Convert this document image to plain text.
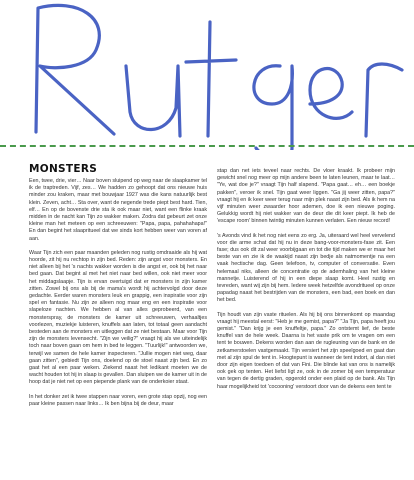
MONSTERS

Een, twee, drie, vier… Naar boven sluipend op weg naar de slaapkamer tel ik de traptreden. Vijf, zes… We hadden zo gehoopt dat ons nieuwe huis minder zou kraken, maar met bouwjaar 1927 was die kans natuurlijk best klein. Zeven, acht… Sta over, want de negende trede piept best hard. Tien, elf… En op de bovenste drie sta ik ook maar niet, want een flinke kraak midden in de nacht kan Tijn zo wakker maken. Zodra dat gebeurt zet onze kleine man het meteen op een schreeuwen: "Papa, papa, pahahahapa!" En dan begint het slaapritueel dat we sinds kort hebben weer van voren af aan.

Waar Tijn zich een paar maanden geleden nog rustig omdraaide als hij wat hoorde, zit hij nu rechtop in zijn bed. Reden: zijn angst voor monsters. En niet alleen bij het 's nachts wakker worden is die angst er, ook bij het naar bed gaan. Dat begint al met het niet naar bed willen, ook niet meer voor het middagslaapje. Tijn is ervan overtuigd dat er monsters in zijn kamer zitten. Zowel bij ons als bij de mama's wordt hij achtervolgd door deze gedachte. Eerder waren monsters leuk en grappig, een inspiratie voor zijn spel en fantasie. Nu zijn ze alleen nog maar eng en een inspiratie voor slapeloze nachten. We hebben al van alles geprobeerd, van een monsterspray, de monsters de kamer uit schreeuwen, verhaaltjes voorlezen, muziekje luisteren, knuffels aan laten, tot totaal geen aandacht besteden aan de monsters en uitleggen dat ze niet bestaan. Maar voor Tijn zijn de monsters levensecht. "Zijn we veilig?" vraagt hij als we uiteindelijk toch naar boven gaan om hem in bed te leggen. "Tuurlijk!" antwoorden we, terwijl we samen de hele kamer inspecteren. "Jullie mogen niet weg, daar gaan zitten", gebiedt Tijn ons, doelend op de stoel naast zijn bed. En zo gaat het al een paar weken. Ziekend naast het ledikant moeten we de wacht houden tot hij in slaap is gevallen. Dan sluipen we de kamer uit in de hoop dat je niet net op een piepende plank van de onderkoier staat.

In het donker zet ik twee stappen naar voren, een grote stap opzij, nog een paar kleine passen naar links… Ik ben bijna bij de deur, maar

stap dan net iets teveel naar rechts. De vloer kraakt. Ik probeer mijn gewicht snel nog meer op mijn andere been te laten leunen, maar te laat… "Ye, wat doe je?" vraagt Tijn half slapend. "Papa gaat… eh… een boekje pakken", veroer ik snel. Tijn gaat weer liggen. "Ga jij weer zitten, papa?" vraagt hij en ik keer weer terug naar mijn plek naast zijn bed. Als ik hem na vijf minuten weer zwaarder hoor ademen, doe ik een nieuwe poging. Gelukkig wordt hij niet wakker van de deur die dit keer piept. Ik heb de 'escape room' binnen twintig minuten kunnen verlaten. Een nieuw record!

's Avonds vind ik het nog niet eens zo erg. Ja, uiteraard wel heel vervelend voor die arme schat dat hij nu in deze bang-voor-monsters-fase zit. Een fase; dus ook dit zal weer voorbijgaan en tot die tijd maken we er maar het beste van en zie ik de waakijd naast zijn bedje als natmomentje na een vaak hectische dag. Geen telefoon, tv, computer of conversatie. Even helemaal niks, alleen de concentratie op de ademhaling van het kleine mannetje. Luisterend of hij in een diepe slaap komt. Heel rustig en tevreden, want wij zijn bij hem. Iedere week hetzelfde avondritueel op onze papadag naast het bestrijden van de monsters, een bad, een boek en dan het bed.

Tijn houdt van zijn vaste rituelen. Als hij bij ons binnenkomt op maandag vraagt hij meestal eerst: "Heb je me gemist, papa?" "Ja Tijn, papa heeft jou gemist." "Dan krijg je een knuffeltje, papa." Zo ontstemt lief, de beste knuffel van de hele week. Daarna is het vaste prik om te vragen om een tent te bouwen. Dekens worden dan aan de rugleuning van de bank en de zetkamerstoelen vastgemaakt. Tijn versiert het zijn speelgoed en gaat dan met al zijn spul de tent in. Hoogtepunt is wanneer de tent indort, al dan niet door zijn eigen toedoen of dat van Fini. Die blinde kat van ons is namelijk ook gek op tenten. Het liefst ligt ze, ook in de zomer bij een temperatuur van tegen de dertig graden, opgerold onder een plaid op de bank. Als Tijn haar mogelijkheid tot 'cocooning' verstoort door van de dekens een tent te
